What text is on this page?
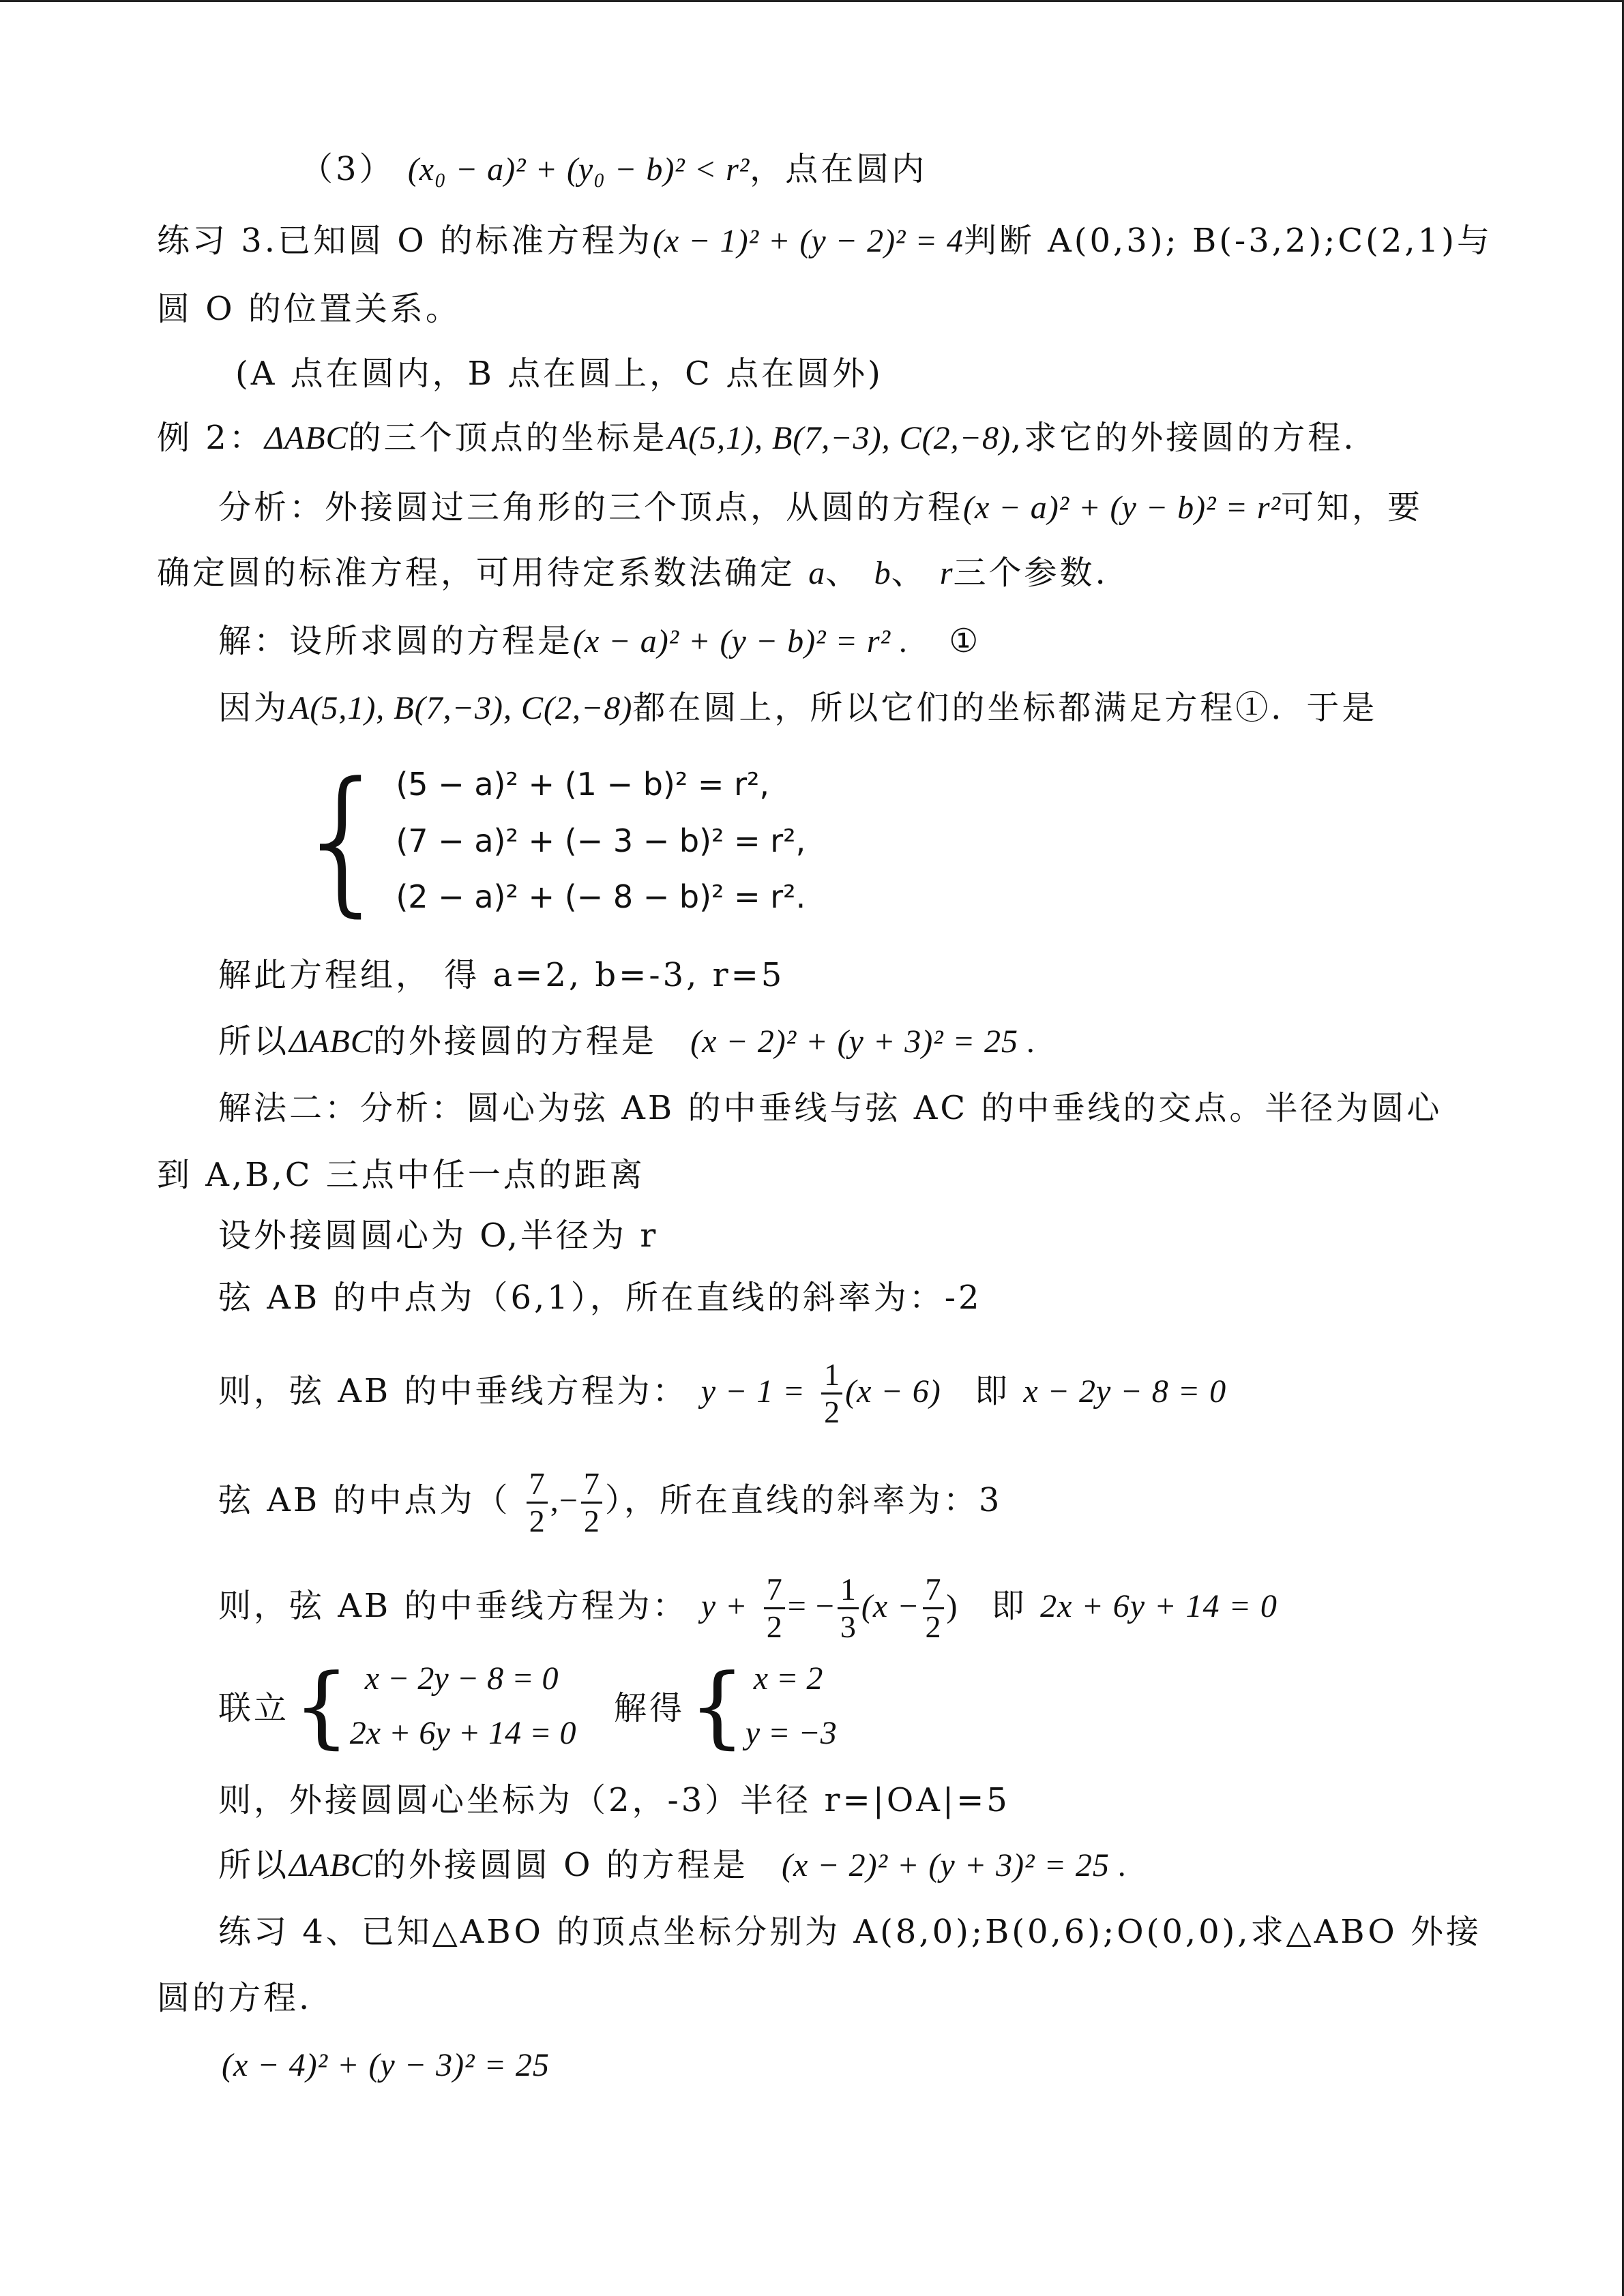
（3） (x₀ − a)² + (y₀ − b)² < r²，点在圆内
练习 3.已知圆 O 的标准方程为(x − 1)² + (y − 2)² = 4判断 A(0,3); B(-3,2);C(2,1)与
圆 O 的位置关系。
(A 点在圆内，B 点在圆上，C 点在圆外)
例 2：ΔABC的三个顶点的坐标是A(5,1), B(7,−3), C(2,−8),求它的外接圆的方程.
分析：外接圆过三角形的三个顶点，从圆的方程(x − a)² + (y − b)² = r²可知，要
确定圆的标准方程，可用待定系数法确定 a、 b、 r三个参数.
解：设所求圆的方程是(x − a)² + (y − b)² = r² . ①
因为A(5,1), B(7,−3), C(2,−8)都在圆上，所以它们的坐标都满足方程①．于是
{ (5 − a)² + (1 − b)² = r²,
(7 − a)² + (− 3 − b)² = r²,
(2 − a)² + (− 8 − b)² = r².
解此方程组， 得 a=2, b=-3, r=5
所以ΔABC的外接圆的方程是 (x − 2)² + (y + 3)² = 25 .
解法二：分析：圆心为弦 AB 的中垂线与弦 AC 的中垂线的交点。半径为圆心
到 A,B,C 三点中任一点的距离
设外接圆圆心为 O,半径为 r
弦 AB 的中点为（6,1），所在直线的斜率为：-2
则，弦 AB 的中垂线方程为： $y - 1 = \frac{1}{2} (x - 6)$ 即 x − 2y − 8 = 0
弦 AB 的中点为（ $\frac{7}{2}$ ,− $\frac{7}{2}$ ），所在直线的斜率为：3
则，弦 AB 的中垂线方程为： $y + \frac{7}{2}$ = − $\frac{1}{3} (x - \frac{7}{2}$ ) 即 2x + 6y + 14 = 0
联立 { x − 2y − 8 = 0
2x + 6y + 14 = 0
解得 { x = 2
y = −3
则，外接圆圆心坐标为（2，-3）半径 r=|OA|=5
所以ΔABC的外接圆圆 O 的方程是 (x − 2)² + (y + 3)² = 25 .
练习 4、已知△ABO 的顶点坐标分别为 A(8,0);B(0,6);O(0,0),求△ABO 外接
圆的方程.
(x − 4)² + (y − 3)² = 25
